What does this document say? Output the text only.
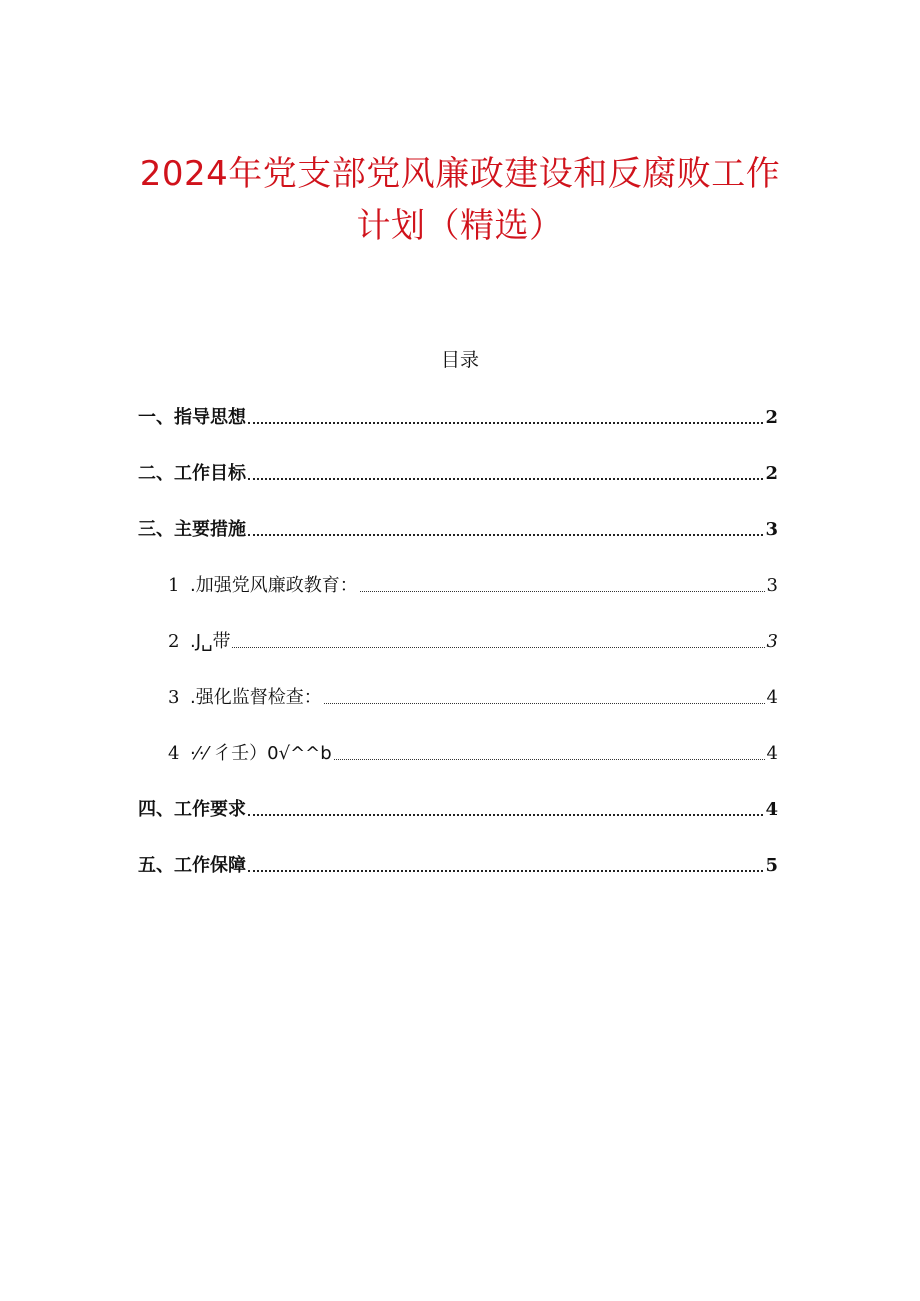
2024年党支部党风廉政建设和反腐败工作
计划（精选）
目录
一、指导思想	2
二、工作目标	2
三、主要措施	3
1 .加强党风廉政教育：	3
2 .J␣带	3
3 .强化监督检查：	4
4 ·⁄·⁄ 彳壬）0√^^b	4
四、工作要求	4
五、工作保障	5
